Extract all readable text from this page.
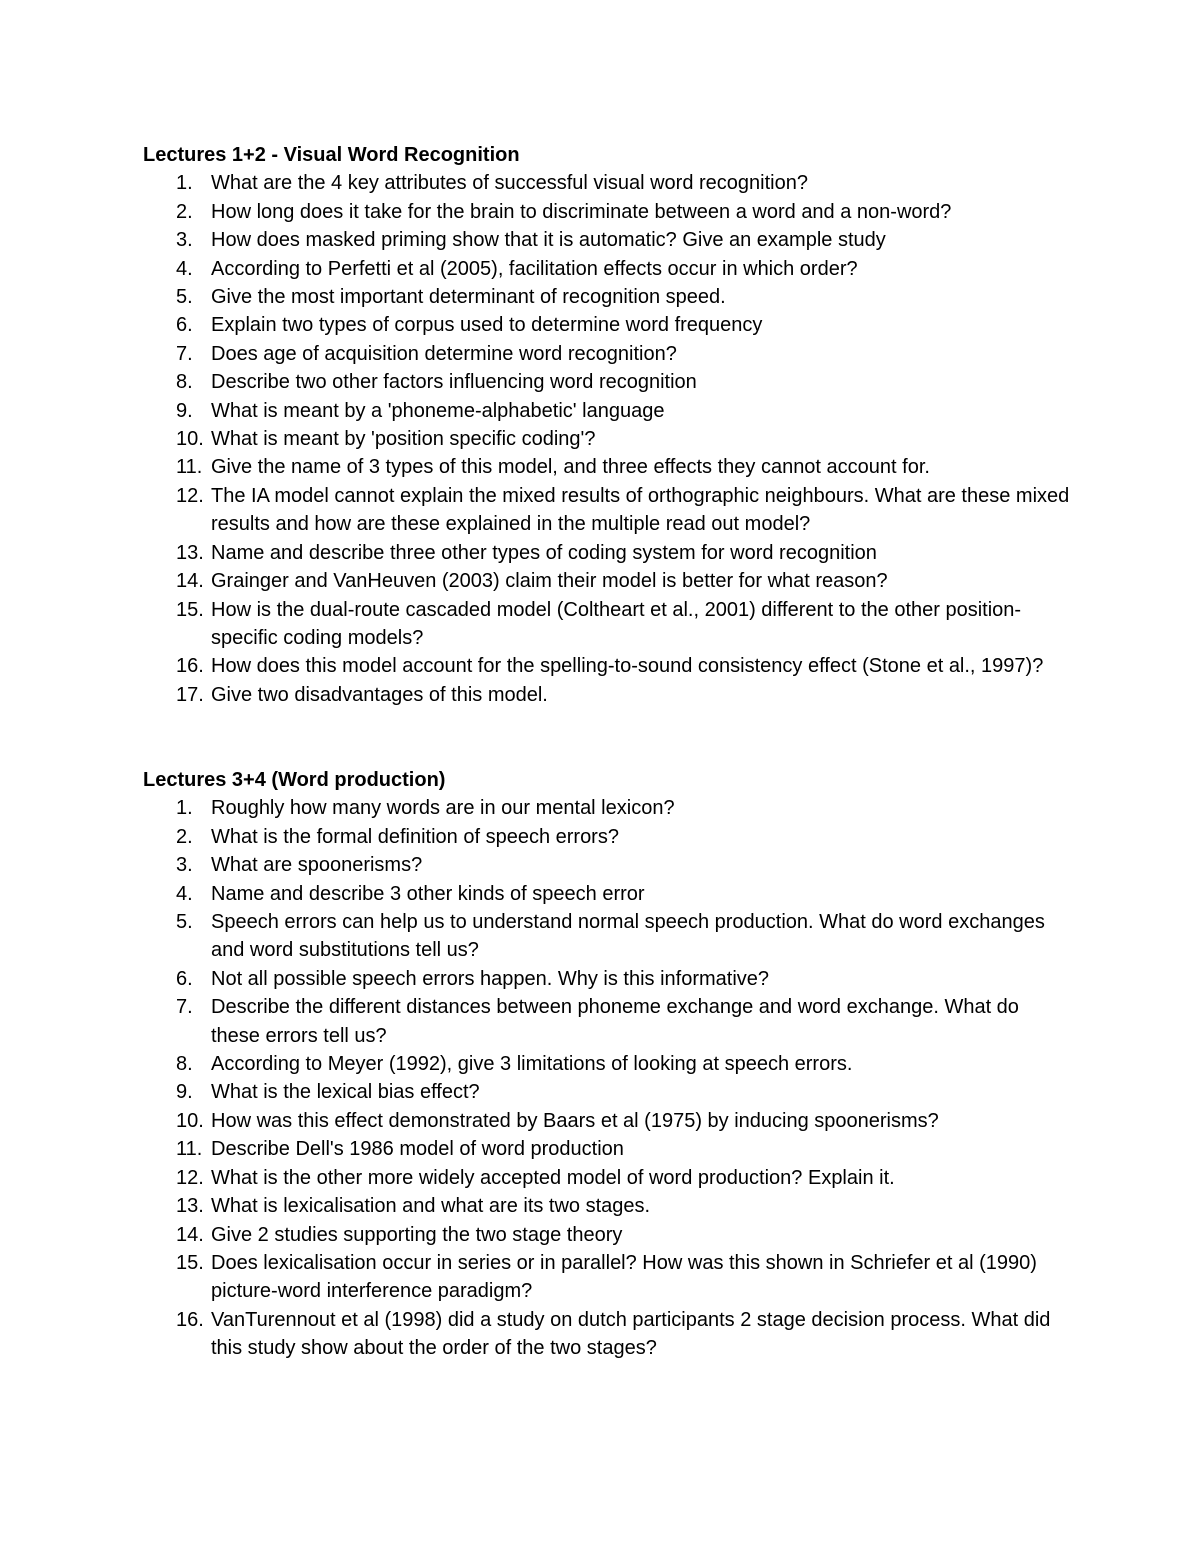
Lectures 1+2 - Visual Word Recognition
1. What are the 4 key attributes of successful visual word recognition?
2. How long does it take for the brain to discriminate between a word and a non-word?
3. How does masked priming show that it is automatic? Give an example study
4. According to Perfetti et al (2005), facilitation effects occur in which order?
5. Give the most important determinant of recognition speed.
6. Explain two types of corpus used to determine word frequency
7. Does age of acquisition determine word recognition?
8. Describe two other factors influencing word recognition
9. What is meant by a 'phoneme-alphabetic' language
10. What is meant by 'position specific coding'?
11. Give the name of 3 types of this model, and three effects they cannot account for.
12. The IA model cannot explain the mixed results of orthographic neighbours. What are these mixed results and how are these explained in the multiple read out model?
13. Name and describe three other types of coding system for word recognition
14. Grainger and VanHeuven (2003) claim their model is better for what reason?
15. How is the dual-route cascaded model (Coltheart et al., 2001) different to the other position-specific coding models?
16. How does this model account for the spelling-to-sound consistency effect (Stone et al., 1997)?
17. Give two disadvantages of this model.
Lectures 3+4 (Word production)
1. Roughly how many words are in our mental lexicon?
2. What is the formal definition of speech errors?
3. What are spoonerisms?
4. Name and describe 3 other kinds of speech error
5. Speech errors can help us to understand normal speech production. What do word exchanges and word substitutions tell us?
6. Not all possible speech errors happen. Why is this informative?
7. Describe the different distances between phoneme exchange and word exchange. What do these errors tell us?
8. According to Meyer (1992), give 3 limitations of looking at speech errors.
9. What is the lexical bias effect?
10. How was this effect demonstrated by Baars et al (1975) by inducing spoonerisms?
11. Describe Dell's 1986 model of word production
12. What is the other more widely accepted model of word production? Explain it.
13. What is lexicalisation and what are its two stages.
14. Give 2 studies supporting the two stage theory
15. Does lexicalisation occur in series or in parallel? How was this shown in Schriefer et al (1990) picture-word interference paradigm?
16. VanTurennout et al (1998) did a study on dutch participants 2 stage decision process. What did this study show about the order of the two stages?
